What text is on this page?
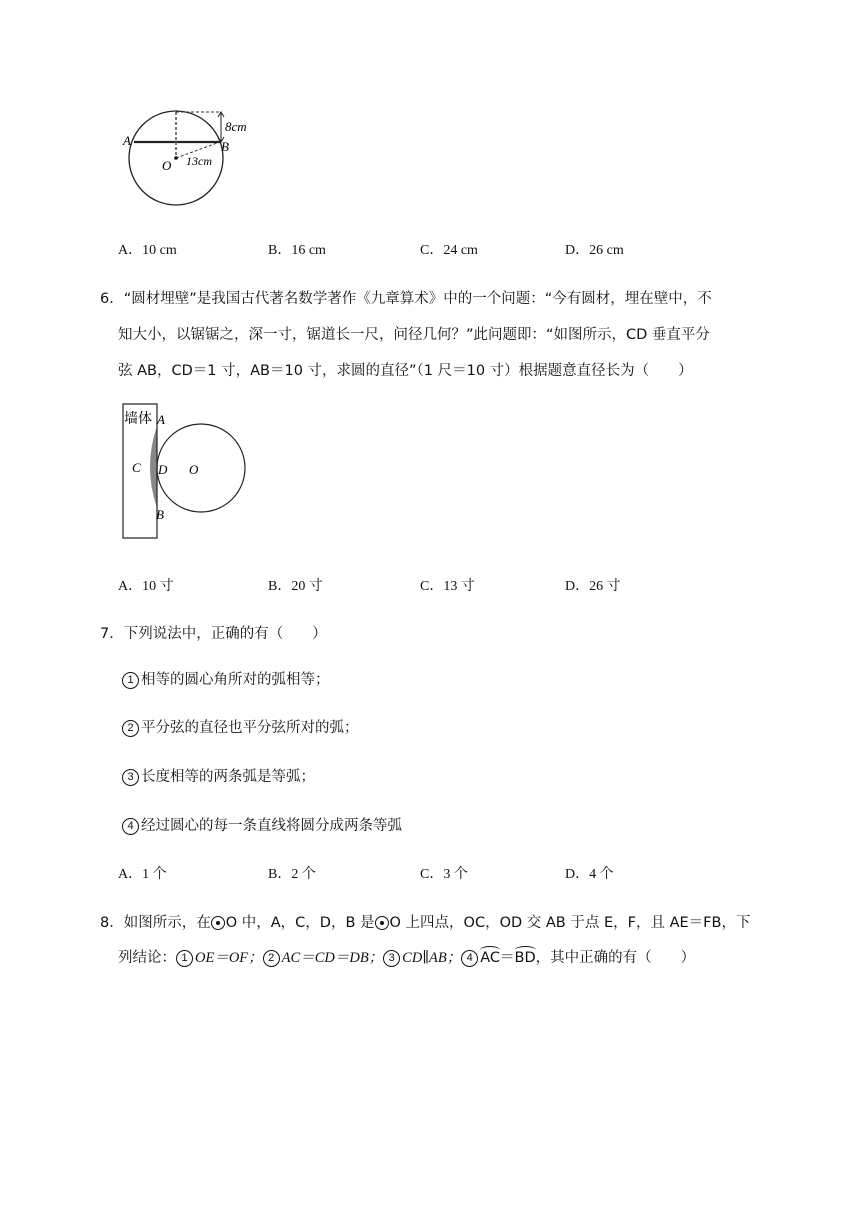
A	B
O
8cm
13cm
A．10 cm	B．16 cm	C．24 cm	D．26 cm
6．“圆材埋壁”是我国古代著名数学著作《九章算术》中的一个问题：“今有圆材，埋在壁中，不
知大小，以锯锯之，深一寸，锯道长一尺，问径几何？”此问题即：“如图所示，CD 垂直平分
弦 AB，CD＝1 寸，AB＝10 寸，求圆的直径”（1 尺＝10 寸）根据题意直径长为（　　）
墙体 A
C D O
B
A．10 寸	B．20 寸	C．13 寸	D．26 寸
7．下列说法中，正确的有（　　）
1 相等的圆心角所对的弧相等；
2 平分弦的直径也平分弦所对的弧；
3 长度相等的两条弧是等弧；
4 经过圆心的每一条直线将圆分成两条等弧
A．1 个	B．2 个	C．3 个	D．4 个
8．如图所示，在 O 中，A，C，D，B 是 O 上四点，OC，OD 交 AB 于点 E，F，且 AE＝FB，下
列结论： 1 OE＝OF； 2 AC＝CD＝DB； 3 CD∥AB； 4 AC＝BD，其中正确的有（　　）
